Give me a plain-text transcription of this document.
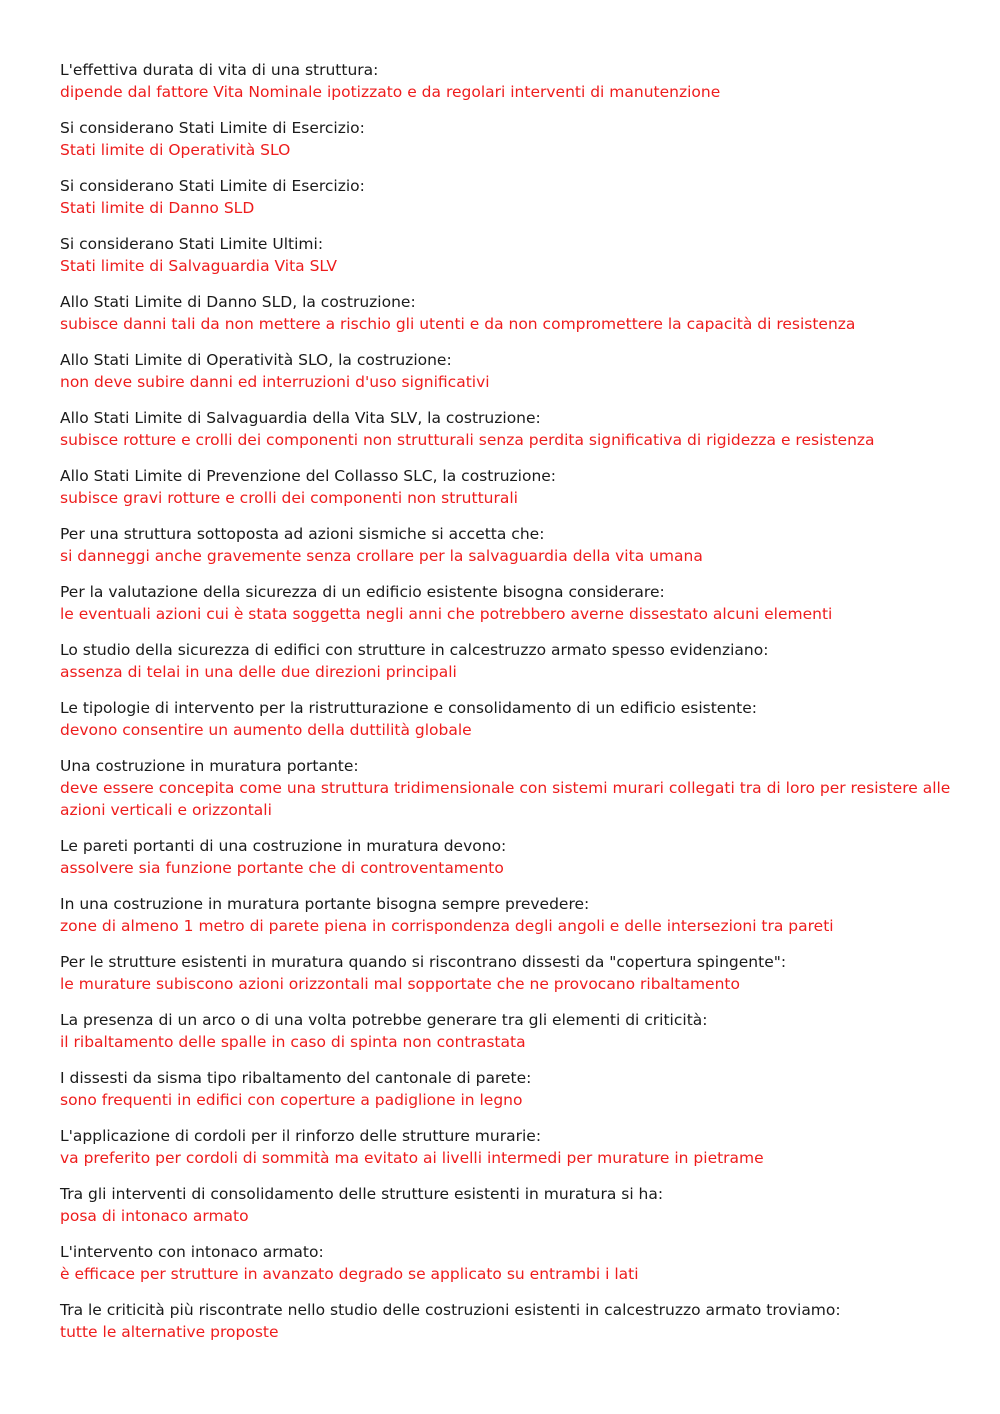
L'effettiva durata di vita di una struttura:
dipende dal fattore Vita Nominale ipotizzato e da regolari interventi di manutenzione
Si considerano Stati Limite di Esercizio:
Stati limite di Operatività SLO
Si considerano Stati Limite di Esercizio:
Stati limite di Danno SLD
Si considerano Stati Limite Ultimi:
Stati limite di Salvaguardia Vita SLV
Allo Stati Limite di Danno SLD, la costruzione:
subisce danni tali da non mettere a rischio gli utenti e da non compromettere la capacità di resistenza
Allo Stati Limite di Operatività SLO, la costruzione:
non deve subire danni ed interruzioni d'uso significativi
Allo Stati Limite di Salvaguardia della Vita SLV, la costruzione:
subisce rotture e crolli dei componenti non strutturali senza perdita significativa di rigidezza e resistenza
Allo Stati Limite di Prevenzione del Collasso SLC, la costruzione:
subisce gravi rotture e crolli dei componenti non strutturali
Per una struttura sottoposta ad azioni sismiche si accetta che:
si danneggi anche gravemente senza crollare per la salvaguardia della vita umana
Per la valutazione della sicurezza di un edificio esistente bisogna considerare:
le eventuali azioni cui è stata soggetta negli anni che potrebbero averne dissestato alcuni elementi
Lo studio della sicurezza di edifici con strutture in calcestruzzo armato spesso evidenziano:
assenza di telai in una delle due direzioni principali
Le tipologie di intervento per la ristrutturazione e consolidamento di un edificio esistente:
devono consentire un aumento della duttilità globale
Una costruzione in muratura portante:
deve essere concepita come una struttura tridimensionale con sistemi murari collegati tra di loro per resistere alle azioni verticali e orizzontali
Le pareti portanti di una costruzione in muratura devono:
assolvere sia funzione portante che di controventamento
In una costruzione in muratura portante bisogna sempre prevedere:
zone di almeno 1 metro di parete piena in corrispondenza degli angoli e delle intersezioni tra pareti
Per le strutture esistenti in muratura quando si riscontrano dissesti da "copertura spingente":
le murature subiscono azioni orizzontali mal sopportate che ne provocano ribaltamento
La presenza di un arco o di una volta potrebbe generare tra gli elementi di criticità:
il ribaltamento delle spalle in caso di spinta non contrastata
I dissesti da sisma tipo ribaltamento del cantonale di parete:
sono frequenti in edifici con coperture a padiglione in legno
L'applicazione di cordoli per il rinforzo delle strutture murarie:
va preferito per cordoli di sommità ma evitato ai livelli intermedi per murature in pietrame
Tra gli interventi di consolidamento delle strutture esistenti in muratura si ha:
posa di intonaco armato
L'intervento con intonaco armato:
è efficace per strutture in avanzato degrado se applicato su entrambi i lati
Tra le criticità più riscontrate nello studio delle costruzioni esistenti in calcestruzzo armato troviamo:
tutte le alternative proposte
